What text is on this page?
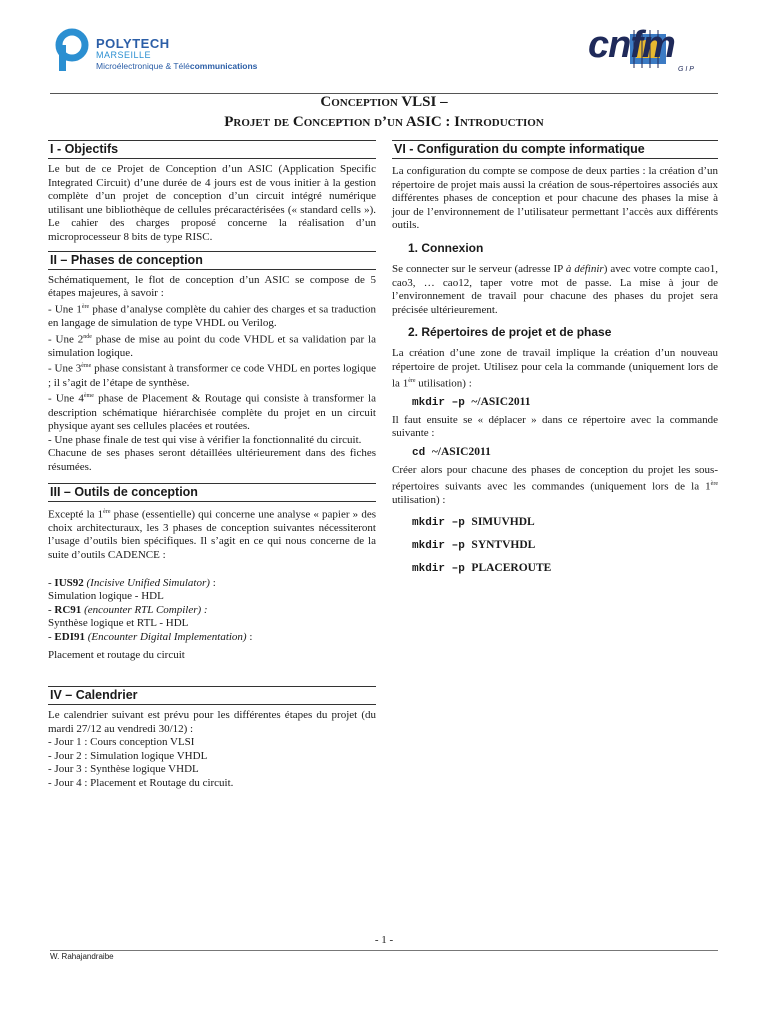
POLYTECH
MARSEILLE
Microélectronique & Télécommunications	cnfm
G I P
Conception VLSI –
Projet de Conception d’un ASIC : Introduction
I - Objectifs

Le but de ce Projet de Conception d’un ASIC (Application Specific Integrated Circuit) d’une durée de 4 jours est de vous initier à la gestion complète d’un projet de conception d’un circuit intégré numérique utilisant une bibliothèque de cellules précaractérisées (« standard cells »). Le cahier des charges proposé concerne la réalisation d’un microprocesseur 8 bits de type RISC.

II – Phases de conception

Schématiquement, le flot de conception d’un ASIC se compose de 5 étapes majeures, à savoir :

- Une 1ère phase d’analyse complète du cahier des charges et sa traduction en langage de simulation de type VHDL ou Verilog.
- Une 2nde phase de mise au point du code VHDL et sa validation par la simulation logique.
- Une 3ème phase consistant à transformer ce code VHDL en portes logique ; il s’agit de l’étape de synthèse.
- Une 4ème phase de Placement & Routage qui consiste à transformer la description schématique hiérarchisée complète du projet en un circuit physique ayant ses cellules placées et routées.
- Une phase finale de test qui vise à vérifier la fonctionnalité du circuit.
Chacune de ses phases seront détaillées ultérieurement dans des fiches résumées.
III – Outils de conception

Excepté la 1ère phase (essentielle) qui concerne une analyse « papier » des choix architecturaux, les 3 phases de conception suivantes nécessiteront l’usage d’outils bien spécifiques. Il s’agit en ce qui nous concerne de la suite d’outils CADENCE :

- IUS92 (Incisive Unified Simulator) :
Simulation logique - HDL
- RC91 (encounter RTL Compiler) :
Synthèse logique et RTL - HDL
- EDI91 (Encounter Digital Implementation) :
Placement et routage du circuit
IV – Calendrier

Le calendrier suivant est prévu pour les différentes étapes du projet (du mardi 27/12 au vendredi 30/12) :

- Jour 1 : Cours conception VLSI
- Jour 2 : Simulation logique VHDL
- Jour 3 : Synthèse logique VHDL
- Jour 4 : Placement et Routage du circuit.
VI - Configuration du compte informatique

La configuration du compte se compose de deux parties : la création d’un répertoire de projet mais aussi la création de sous-répertoires associés aux différentes phases de conception et pour chacune des phases la mise à jour de l’environnement de l’utilisateur permettant l’accès aux différents outils.

1. Connexion

Se connecter sur le serveur (adresse IP à définir) avec votre compte cao1, cao3, … cao12, taper votre mot de passe. La mise à jour de l’environnement de travail pour chacune des phases du projet sera précisée ultérieurement.

2. Répertoires de projet et de phase

La création d’une zone de travail implique la création d’un nouveau répertoire de projet. Utilisez pour cela la commande (uniquement lors de la 1ère utilisation) :

mkdir –p ~/ASIC2011

Il faut ensuite se « déplacer » dans ce répertoire avec la commande suivante :

cd ~/ASIC2011

Créer alors pour chacune des phases de conception du projet les sous-répertoires suivants avec les commandes (uniquement lors de la 1ère utilisation) :

mkdir –p SIMUVHDL
mkdir –p SYNTVHDL
mkdir –p PLACEROUTE
- 1 -
W. Rahajandraibe
